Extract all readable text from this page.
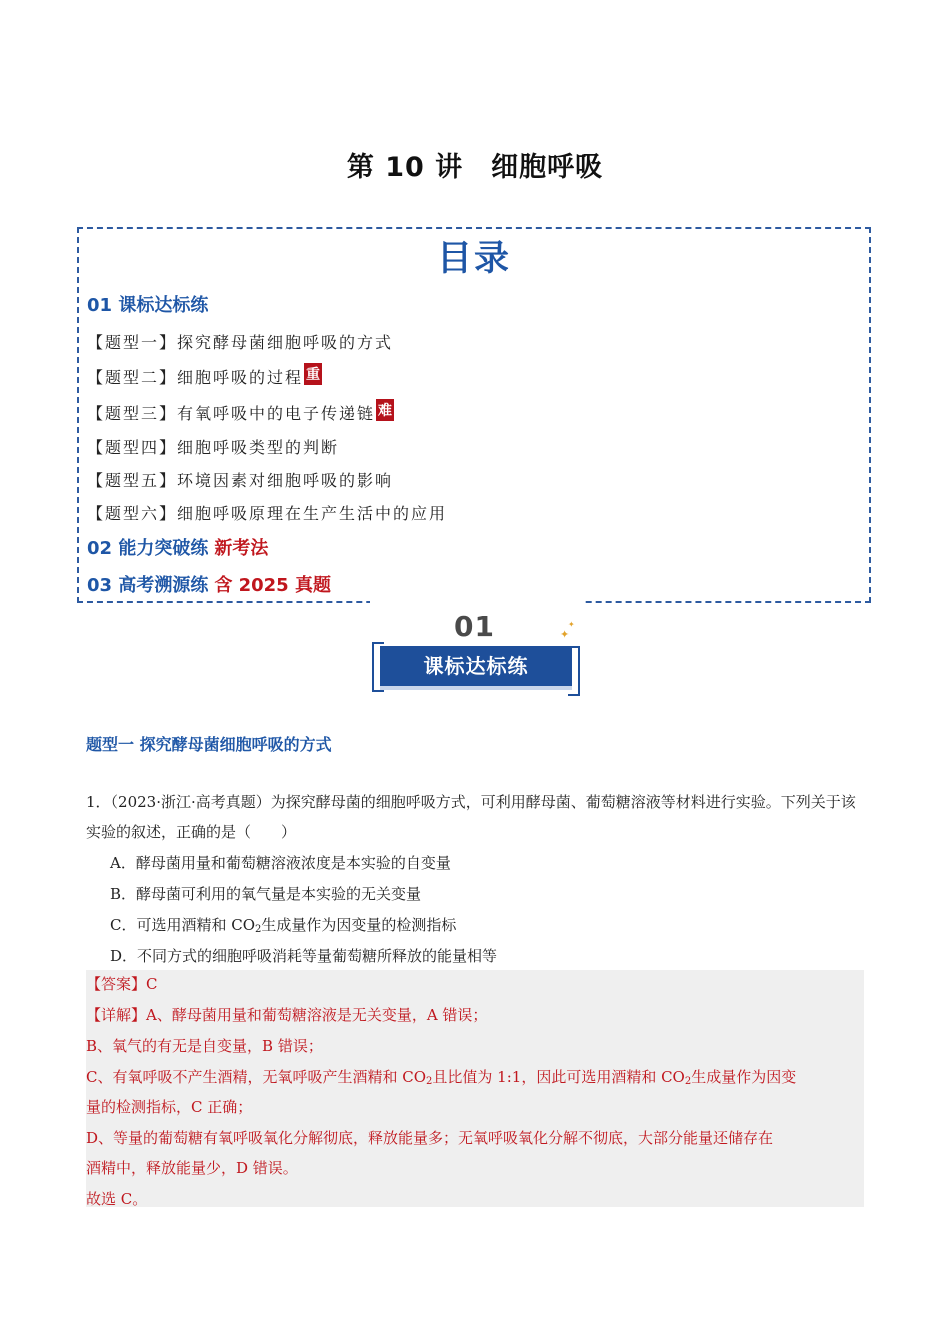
第 10 讲　细胞呼吸
目录
01 课标达标练
【题型一】探究酵母菌细胞呼吸的方式
【题型二】细胞呼吸的过程 重
【题型三】有氧呼吸中的电子传递链 难
【题型四】细胞呼吸类型的判断
【题型五】环境因素对细胞呼吸的影响
【题型六】细胞呼吸原理在生产生活中的应用
02 能力突破练 新考法
03 高考溯源练 含 2025 真题
01
课标达标练
✦
✦
题型一 探究酵母菌细胞呼吸的方式
1．（2023·浙江·高考真题）为探究酵母菌的细胞呼吸方式，可利用酵母菌、葡萄糖溶液等材料进行实验。下列关于该实验的叙述，正确的是（　　）
A．酵母菌用量和葡萄糖溶液浓度是本实验的自变量
B．酵母菌可利用的氧气量是本实验的无关变量
C．可选用酒精和 $CO_2$生成量作为因变量的检测指标
D．不同方式的细胞呼吸消耗等量葡萄糖所释放的能量相等
【答案】C
【详解】A、酵母菌用量和葡萄糖溶液是无关变量，A 错误；
B、氧气的有无是自变量，B 错误；
C、有氧呼吸不产生酒精，无氧呼吸产生酒精和 $CO_2$且比值为 1:1，因此可选用酒精和 $CO_2$生成量作为因变
量的检测指标，C 正确；
D、等量的葡萄糖有氧呼吸氧化分解彻底，释放能量多；无氧呼吸氧化分解不彻底，大部分能量还储存在
酒精中，释放能量少，D 错误。
故选 C。
